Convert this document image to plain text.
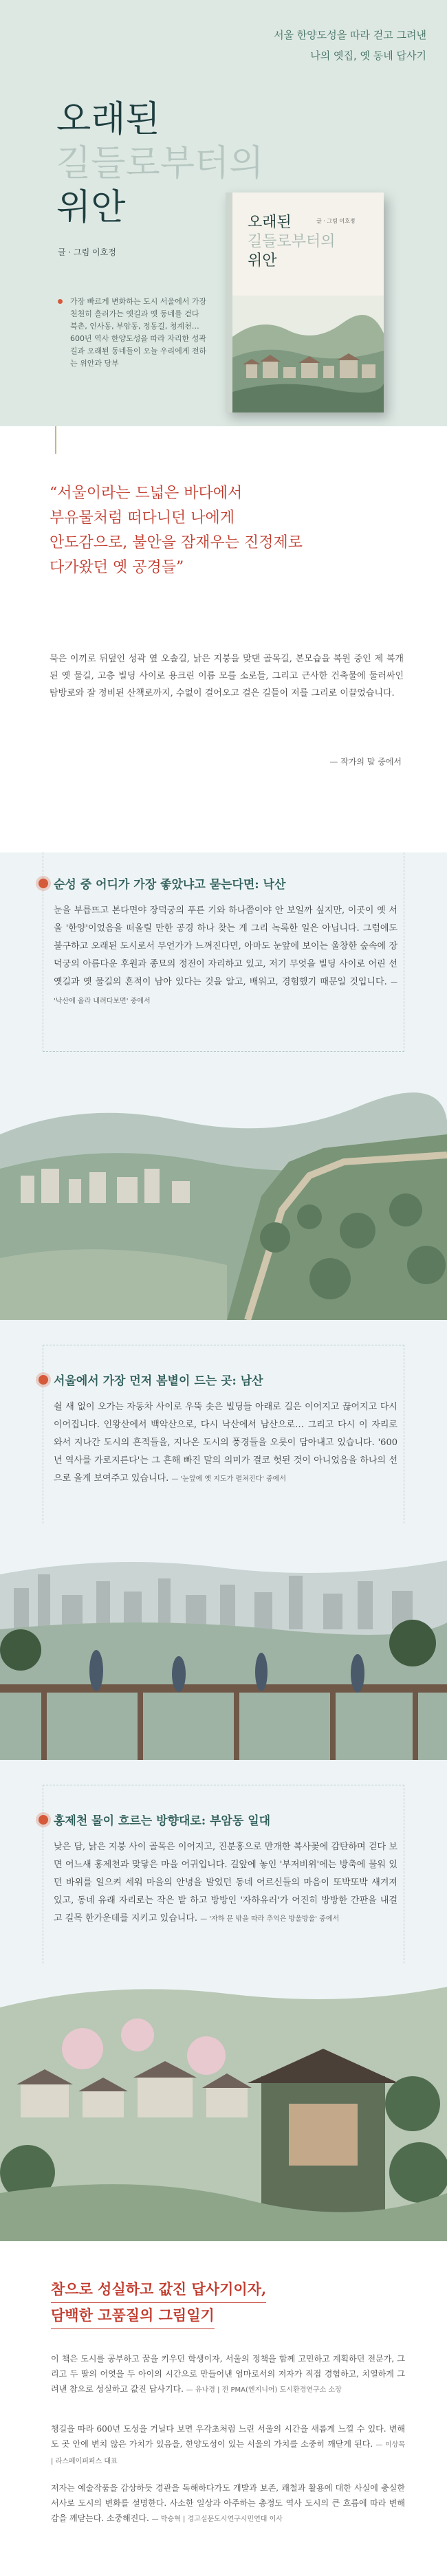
서울 한양도성을 따라 걷고 그려낸
나의 옛집, 옛 동네 답사기
오래된
길들로부터의
위안
글 · 그림 이호정
가장 빠르게 변화하는 도시 서울에서 가장 천천히 흘러가는 옛길과 옛 동네를 걷다 북촌, 인사동, 부암동, 정동길, 청계천… 600년 역사 한양도성을 따라 자리한 성곽길과 오래된 동네들이 오늘 우리에게 전하는 위안과 당부
오래된
길들로부터의
위안
글 · 그림 이호정
“서울이라는 드넓은 바다에서
부유물처럼 떠다니던 나에게
안도감으로, 불안을 잠재우는 진정제로
다가왔던 옛 공경들”

묵은 이끼로 뒤덮인 성곽 옆 오솔길, 낡은 지붕을 맞댄 골목길, 본모습을 복원 중인 제 복개된 옛 물길, 고층 빌딩 사이로 용크린 이름 모를 소로들, 그리고 근사한 건축물에 둘러싸인 탐방로와 잘 정비된 산책로까지, 수없이 걸어오고 걸은 길들이 저를 그리로 이끌었습니다.

— 작가의 말 중에서
순성 중 어디가 가장 좋았냐고 묻는다면: 낙산

눈을 부릅뜨고 본다면야 장덕궁의 푸른 기와 하나쯤이야 안 보일까 싶지만, 이곳이 옛 서울 '한양'이었음을 떠올릴 만한 공경 하나 찾는 게 그리 녹록한 일은 아닙니다. 그럼에도 불구하고 오래된 도시로서 무언가가 느껴진다면, 아마도 눈앞에 보이는 울창한 숲속에 장덕궁의 아름다운 후원과 종묘의 정전이 자리하고 있고, 저기 무엇을 빌딩 사이로 어린 선 옛길과 옛 물길의 흔적이 남아 있다는 것을 알고, 배워고, 경험했기 때문일 것입니다. — '낙산에 올라 내려다보면' 중에서

서울에서 가장 먼저 봄볕이 드는 곳: 남산

쉴 새 없이 오가는 자동차 사이로 우뚝 솟은 빌딩들 아래로 길은 이어지고 끊어지고 다시 이어집니다. 인왕산에서 백악산으로, 다시 낙산에서 남산으로… 그리고 다시 이 자리로 와서 지나간 도시의 흔적들을, 지나온 도시의 풍경들을 오롯이 담아내고 있습니다. '600년 역사를 가로지른다'는 그 흔해 빠진 말의 의미가 결코 헛된 것이 아니었음을 하나의 선으로 올게 보여주고 있습니다. — '눈앞에 옛 지도가 펼쳐진다' 중에서

홍제천 물이 흐르는 방향대로: 부암동 일대

낮은 담, 낡은 지붕 사이 골목은 이어지고, 진분홍으로 만개한 복사꽃에 감탄하며 걷다 보면 어느새 홍제천과 맞닿은 마을 어귀입니다. 길앞에 놓인 '부저비위'에는 방축에 물워 있던 바위를 일으켜 세워 마을의 안녕을 발었던 동네 어르신들의 마음이 또박또박 새겨져 있고, 동네 유래 자리로는 작은 밭 하고 방방인 '자하유러'가 어진히 방방한 간판을 내걸고 길목 한가운데를 지키고 있습니다. — '자하 문 밖을 따라 추억은 방울방울' 중에서

참으로 성실하고 값진 답사기이자,
담백한 고품질의 그림일기

이 책은 도시를 공부하고 꿈을 키우던 학생이자, 서울의 정책을 함께 고민하고 계획하던 전문가, 그리고 두 딸의 어엿을 두 아이의 시간으로 만들어낸 엄마로서의 저자가 직접 경험하고, 치열하게 그려낸 참으로 성실하고 값진 답사기다. — 유나경 | 전 PMA(엔지니어) 도시환경연구소 소장

챙길을 따라 600년 도성을 거닐다 보면 우각초처럼 느린 서울의 시간을 새롭게 느낄 수 있다. 변해도 곳 안에 변치 않은 가치가 있음을, 한양도성이 있는 서울의 가치를 소중히 깨닫게 된다. — 이상목 | 라스페이퍼퍼스 대표

저자는 예술작품을 감상하듯 경관을 독해하다가도 개발과 보존, 쾌철과 활용에 대한 사실에 충실한 서사로 도시의 변화를 설명한다. 사소한 일상과 아주하는 총정도 역사 도시의 큰 흐름에 따라 변해감을 깨닫는다. 소중해진다. — 박승혁 | 경고실문도시연구시민연대 이사
